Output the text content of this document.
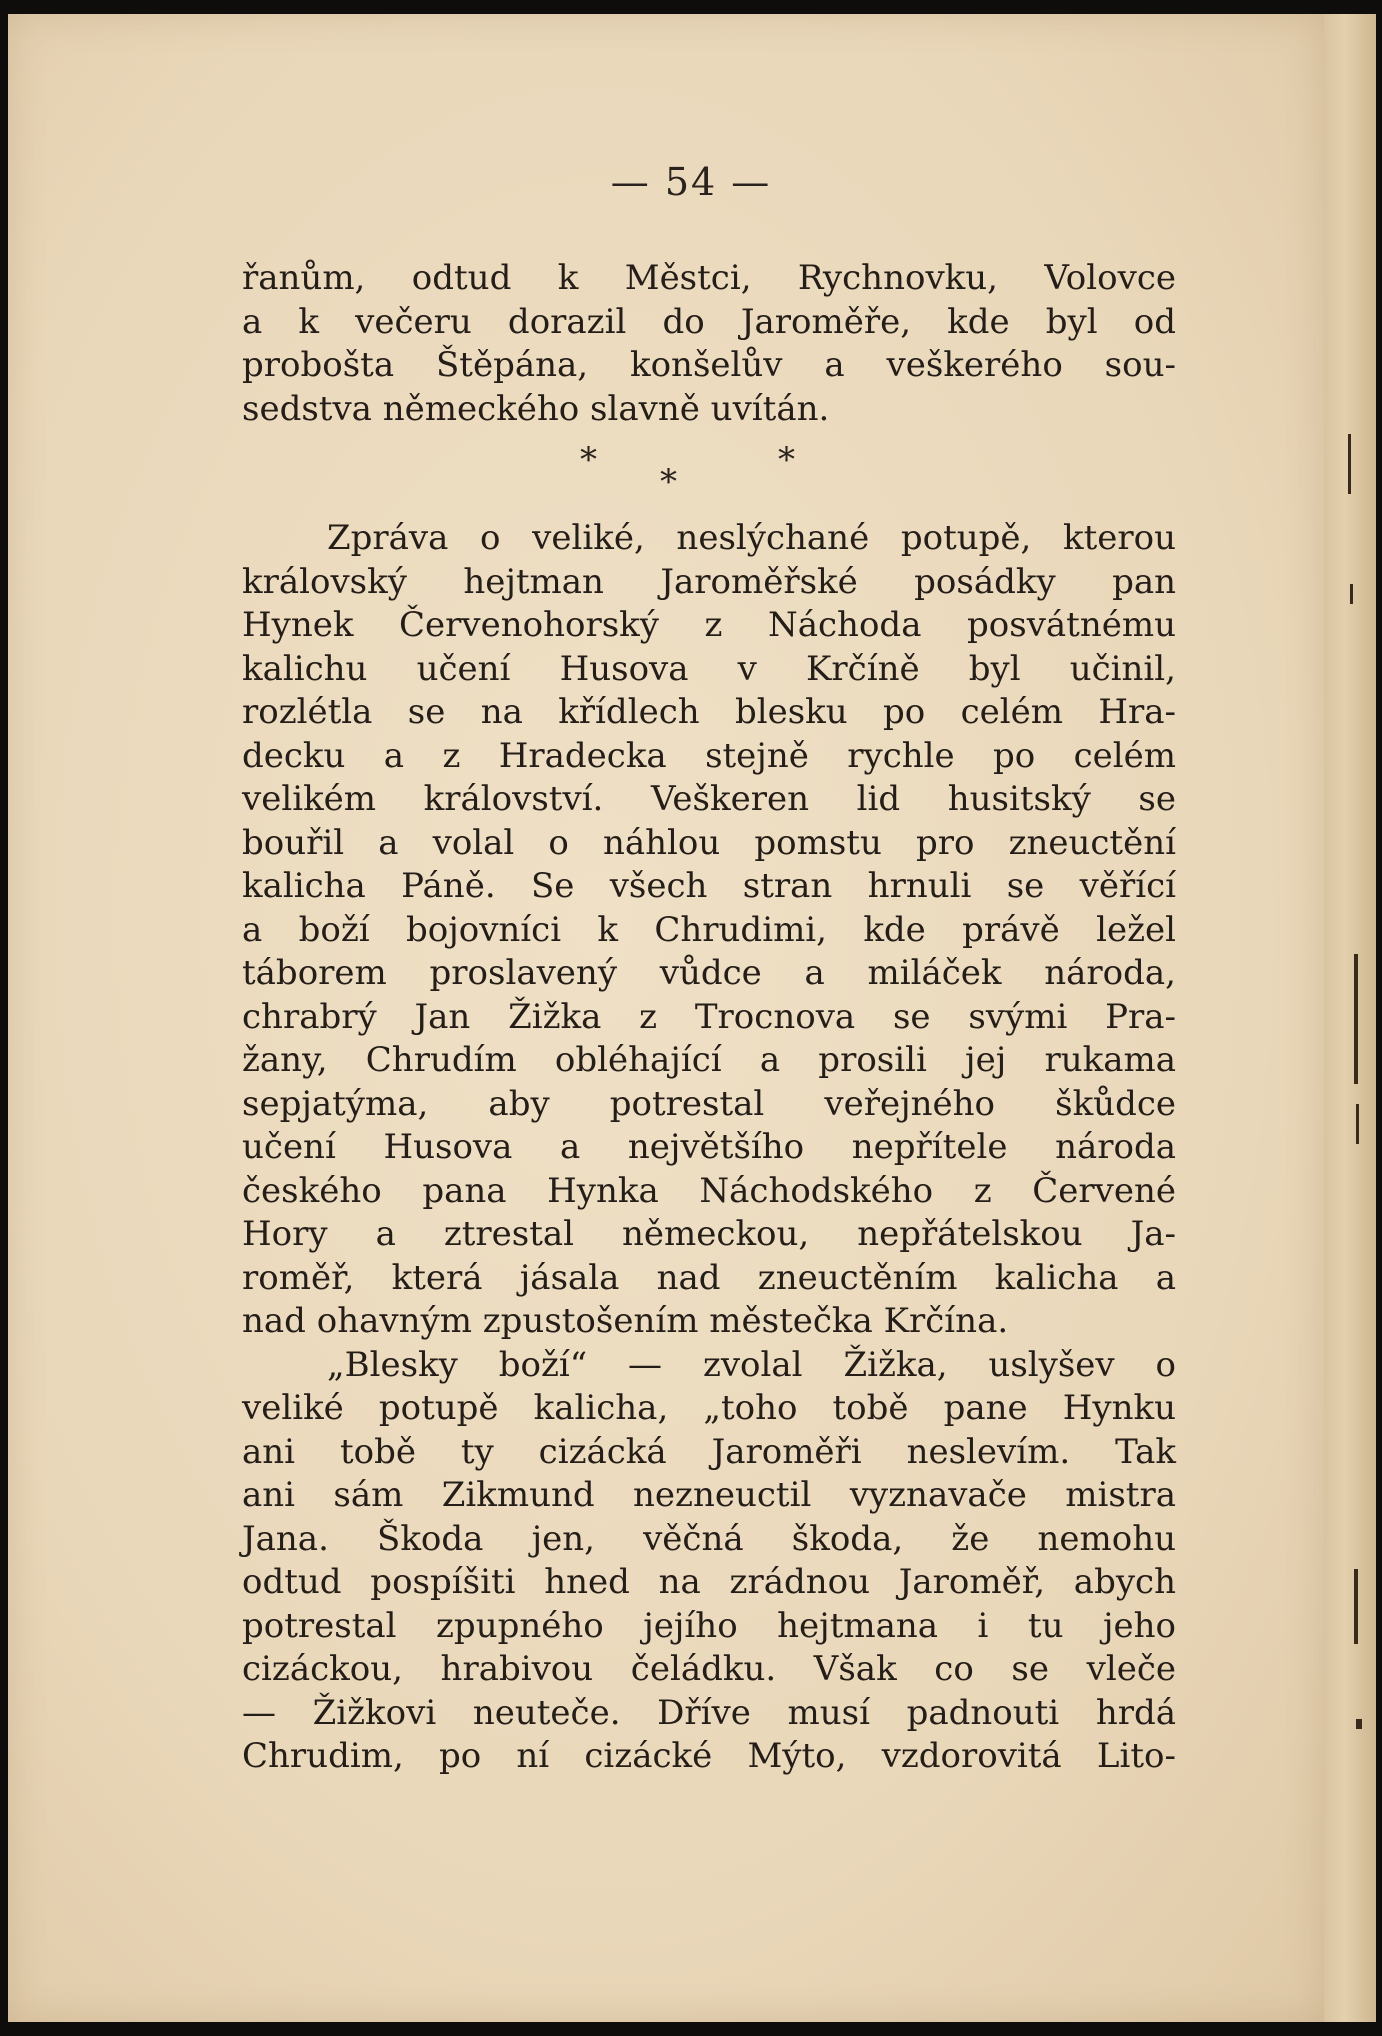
— 54 —
řanům, odtud k Městci, Rychnovku, Volovce
a k večeru dorazil do Jaroměře, kde byl od
probošta Štěpána, konšelův a veškerého sou-
sedstva německého slavně uvítán.
*
*
*
Zpráva o veliké, neslýchané potupě, kterou
královský hejtman Jaroměřské posádky pan
Hynek Červenohorský z Náchoda posvátnému
kalichu učení Husova v Krčíně byl učinil,
rozlétla se na křídlech blesku po celém Hra-
decku a z Hradecka stejně rychle po celém
velikém království. Veškeren lid husitský se
bouřil a volal o náhlou pomstu pro zneuctění
kalicha Páně. Se všech stran hrnuli se věřící
a boží bojovníci k Chrudimi, kde právě ležel
táborem proslavený vůdce a miláček národa,
chrabrý Jan Žižka z Trocnova se svými Pra-
žany, Chrudím obléhající a prosili jej rukama
sepjatýma, aby potrestal veřejného škůdce
učení Husova a největšího nepřítele národa
českého pana Hynka Náchodského z Červené
Hory a ztrestal německou, nepřátelskou Ja-
roměř, která jásala nad zneuctěním kalicha a
nad ohavným zpustošením městečka Krčína.
„Blesky boží“ — zvolal Žižka, uslyšev o
veliké potupě kalicha, „toho tobě pane Hynku
ani tobě ty cizácká Jaroměři neslevím. Tak
ani sám Zikmund nezneuctil vyznavače mistra
Jana. Škoda jen, věčná škoda, že nemohu
odtud pospíšiti hned na zrádnou Jaroměř, abych
potrestal zpupného jejího hejtmana i tu jeho
cizáckou, hrabivou čeládku. Však co se vleče
— Žižkovi neuteče. Dříve musí padnouti hrdá
Chrudim, po ní cizácké Mýto, vzdorovitá Lito-
